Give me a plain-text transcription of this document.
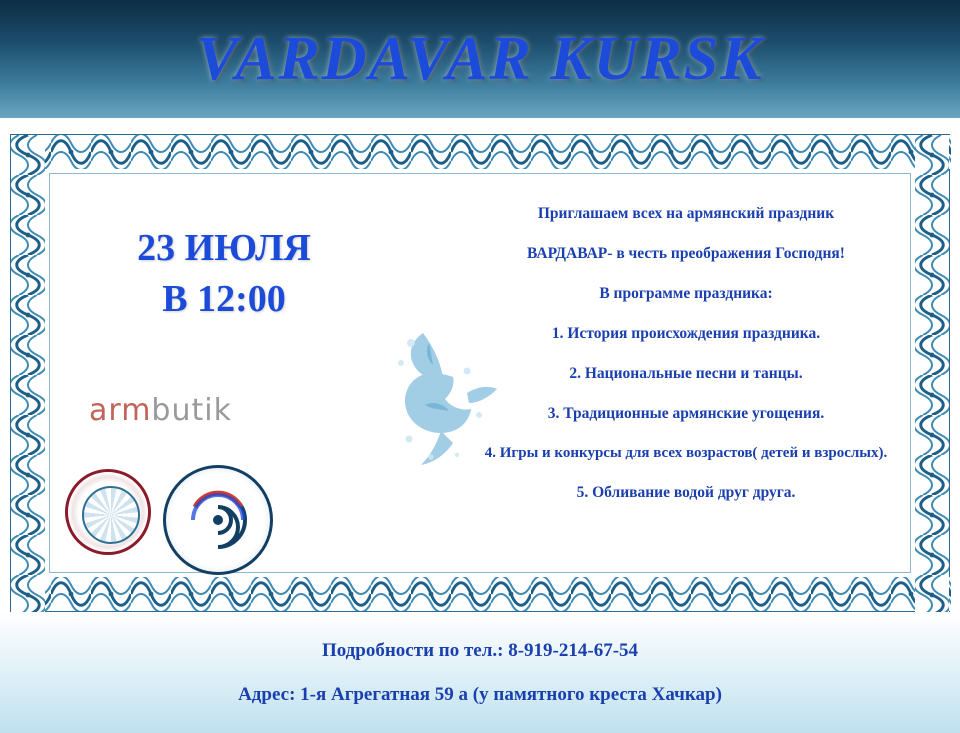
VARDAVAR KURSK
23 ИЮЛЯ
В 12:00
armbutik

Приглашаем всех на армянский праздник

ВАРДАВАР- в честь преображения Господня!

В программе праздника:

1. История происхождения праздника.

2. Национальные песни и танцы.

3. Традиционные армянские угощения.

4. Игры и конкурсы для всех возрастов( детей и взрослых).

5. Обливание водой друг друга.

Подробности по тел.: 8-919-214-67-54

Адрес: 1-я Агрегатная 59 а (у памятного креста Хачкар)
